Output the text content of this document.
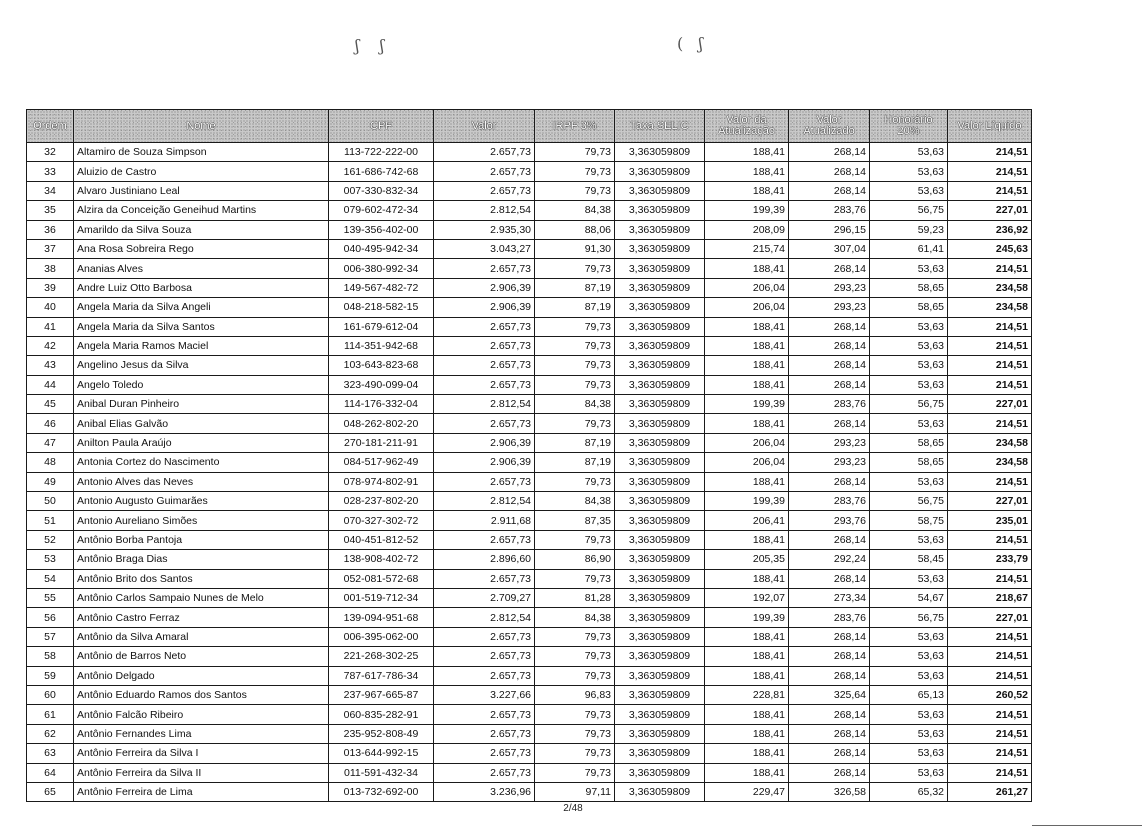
ʃ    ʃ	(   ʃ
Ordem	Nome	CPF	Valor	IRPF 3%	Taxa SELIC	Valor da Atualização	Valor Atualizado	Honorário 20%	Valor Líquido
32	Altamiro de Souza Simpson	113-722-222-00	2.657,73	79,73	3,363059809	188,41	268,14	53,63	214,51
33	Aluizio de Castro	161-686-742-68	2.657,73	79,73	3,363059809	188,41	268,14	53,63	214,51
34	Alvaro Justiniano Leal	007-330-832-34	2.657,73	79,73	3,363059809	188,41	268,14	53,63	214,51
35	Alzira da Conceição Geneihud Martins	079-602-472-34	2.812,54	84,38	3,363059809	199,39	283,76	56,75	227,01
36	Amarildo da Silva Souza	139-356-402-00	2.935,30	88,06	3,363059809	208,09	296,15	59,23	236,92
37	Ana Rosa Sobreira Rego	040-495-942-34	3.043,27	91,30	3,363059809	215,74	307,04	61,41	245,63
38	Ananias Alves	006-380-992-34	2.657,73	79,73	3,363059809	188,41	268,14	53,63	214,51
39	Andre Luiz Otto Barbosa	149-567-482-72	2.906,39	87,19	3,363059809	206,04	293,23	58,65	234,58
40	Angela Maria da Silva Angeli	048-218-582-15	2.906,39	87,19	3,363059809	206,04	293,23	58,65	234,58
41	Angela Maria da Silva Santos	161-679-612-04	2.657,73	79,73	3,363059809	188,41	268,14	53,63	214,51
42	Angela Maria Ramos Maciel	114-351-942-68	2.657,73	79,73	3,363059809	188,41	268,14	53,63	214,51
43	Angelino Jesus da Silva	103-643-823-68	2.657,73	79,73	3,363059809	188,41	268,14	53,63	214,51
44	Angelo Toledo	323-490-099-04	2.657,73	79,73	3,363059809	188,41	268,14	53,63	214,51
45	Anibal Duran Pinheiro	114-176-332-04	2.812,54	84,38	3,363059809	199,39	283,76	56,75	227,01
46	Anibal Elias Galvão	048-262-802-20	2.657,73	79,73	3,363059809	188,41	268,14	53,63	214,51
47	Anilton Paula Araújo	270-181-211-91	2.906,39	87,19	3,363059809	206,04	293,23	58,65	234,58
48	Antonia Cortez do Nascimento	084-517-962-49	2.906,39	87,19	3,363059809	206,04	293,23	58,65	234,58
49	Antonio Alves das Neves	078-974-802-91	2.657,73	79,73	3,363059809	188,41	268,14	53,63	214,51
50	Antonio Augusto Guimarães	028-237-802-20	2.812,54	84,38	3,363059809	199,39	283,76	56,75	227,01
51	Antonio Aureliano Simões	070-327-302-72	2.911,68	87,35	3,363059809	206,41	293,76	58,75	235,01
52	Antônio Borba Pantoja	040-451-812-52	2.657,73	79,73	3,363059809	188,41	268,14	53,63	214,51
53	Antônio Braga Dias	138-908-402-72	2.896,60	86,90	3,363059809	205,35	292,24	58,45	233,79
54	Antônio Brito dos Santos	052-081-572-68	2.657,73	79,73	3,363059809	188,41	268,14	53,63	214,51
55	Antônio Carlos Sampaio Nunes de Melo	001-519-712-34	2.709,27	81,28	3,363059809	192,07	273,34	54,67	218,67
56	Antônio Castro Ferraz	139-094-951-68	2.812,54	84,38	3,363059809	199,39	283,76	56,75	227,01
57	Antônio da Silva Amaral	006-395-062-00	2.657,73	79,73	3,363059809	188,41	268,14	53,63	214,51
58	Antônio de Barros Neto	221-268-302-25	2.657,73	79,73	3,363059809	188,41	268,14	53,63	214,51
59	Antônio Delgado	787-617-786-34	2.657,73	79,73	3,363059809	188,41	268,14	53,63	214,51
60	Antônio Eduardo Ramos dos Santos	237-967-665-87	3.227,66	96,83	3,363059809	228,81	325,64	65,13	260,52
61	Antônio Falcão Ribeiro	060-835-282-91	2.657,73	79,73	3,363059809	188,41	268,14	53,63	214,51
62	Antônio Fernandes Lima	235-952-808-49	2.657,73	79,73	3,363059809	188,41	268,14	53,63	214,51
63	Antônio Ferreira da Silva I	013-644-992-15	2.657,73	79,73	3,363059809	188,41	268,14	53,63	214,51
64	Antônio Ferreira da Silva II	011-591-432-34	2.657,73	79,73	3,363059809	188,41	268,14	53,63	214,51
65	Antônio Ferreira de Lima	013-732-692-00	3.236,96	97,11	3,363059809	229,47	326,58	65,32	261,27
2/48
